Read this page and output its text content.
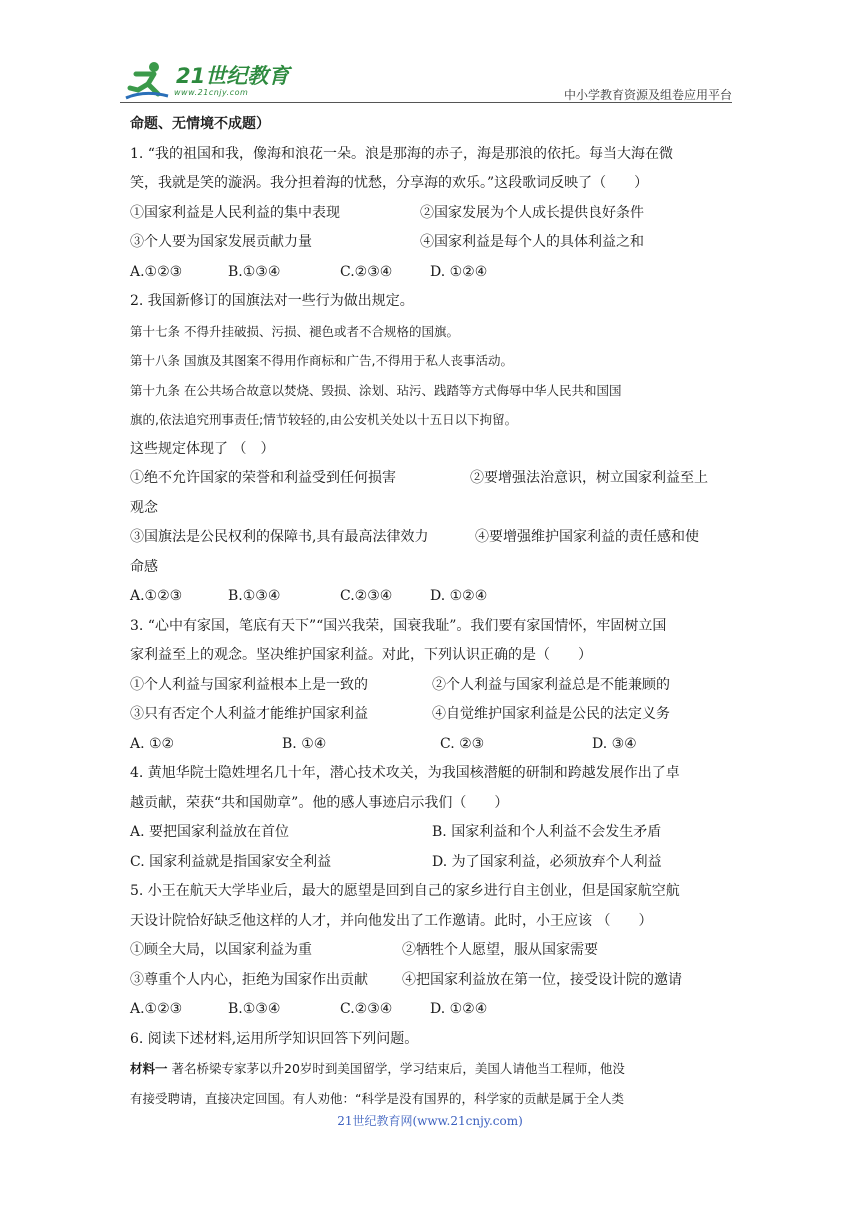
21世纪教育
www.21cnjy.com	中小学教育资源及组卷应用平台
命题、无情境不成题）
1. “我的祖国和我，像海和浪花一朵。浪是那海的赤子，海是那浪的依托。每当大海在微
笑，我就是笑的漩涡。我分担着海的忧愁，分享海的欢乐。”这段歌词反映了（　　）
①国家利益是人民利益的集中表现	②国家发展为个人成长提供良好条件
③个人要为国家发展贡献力量	④国家利益是每个人的具体利益之和
A.①②③	B.①③④	C.②③④	D. ①②④
2. 我国新修订的国旗法对一些行为做出规定。
第十七条 不得升挂破损、污损、褪色或者不合规格的国旗。
第十八条 国旗及其图案不得用作商标和广告,不得用于私人丧事活动。
第十九条 在公共场合故意以焚烧、毁损、涂划、玷污、践踏等方式侮辱中华人民共和国国
旗的,依法追究刑事责任;情节较轻的,由公安机关处以十五日以下拘留。
这些规定体现了 （　）
①绝不允许国家的荣誉和利益受到任何损害	②要增强法治意识，树立国家利益至上
观念
③国旗法是公民权利的保障书,具有最高法律效力	④要增强维护国家利益的责任感和使
命感
A.①②③	B.①③④	C.②③④	D. ①②④
3. “心中有家国，笔底有天下”“国兴我荣，国衰我耻”。我们要有家国情怀，牢固树立国
家利益至上的观念。坚决维护国家利益。对此，下列认识正确的是（　　）
①个人利益与国家利益根本上是一致的	②个人利益与国家利益总是不能兼顾的
③只有否定个人利益才能维护国家利益	④自觉维护国家利益是公民的法定义务
A. ①②	B. ①④	C. ②③	D. ③④
4. 黄旭华院士隐姓埋名几十年，潜心技术攻关，为我国核潜艇的研制和跨越发展作出了卓
越贡献，荣获“共和国勋章”。他的感人事迹启示我们（　　）
A. 要把国家利益放在首位	B. 国家利益和个人利益不会发生矛盾
C. 国家利益就是指国家安全利益	D. 为了国家利益，必须放弃个人利益
5. 小王在航天大学毕业后，最大的愿望是回到自己的家乡进行自主创业，但是国家航空航
天设计院恰好缺乏他这样的人才，并向他发出了工作邀请。此时，小王应该 （　　）
①顾全大局，以国家利益为重	②牺牲个人愿望，服从国家需要
③尊重个人内心，拒绝为国家作出贡献	④把国家利益放在第一位，接受设计院的邀请
A.①②③	B.①③④	C.②③④	D. ①②④
6. 阅读下述材料,运用所学知识回答下列问题。
材料一 著名桥梁专家茅以升20岁时到美国留学，学习结束后，美国人请他当工程师，他没
有接受聘请，直接决定回国。有人劝他：“科学是没有国界的，科学家的贡献是属于全人类
21世纪教育网(www.21cnjy.com)
